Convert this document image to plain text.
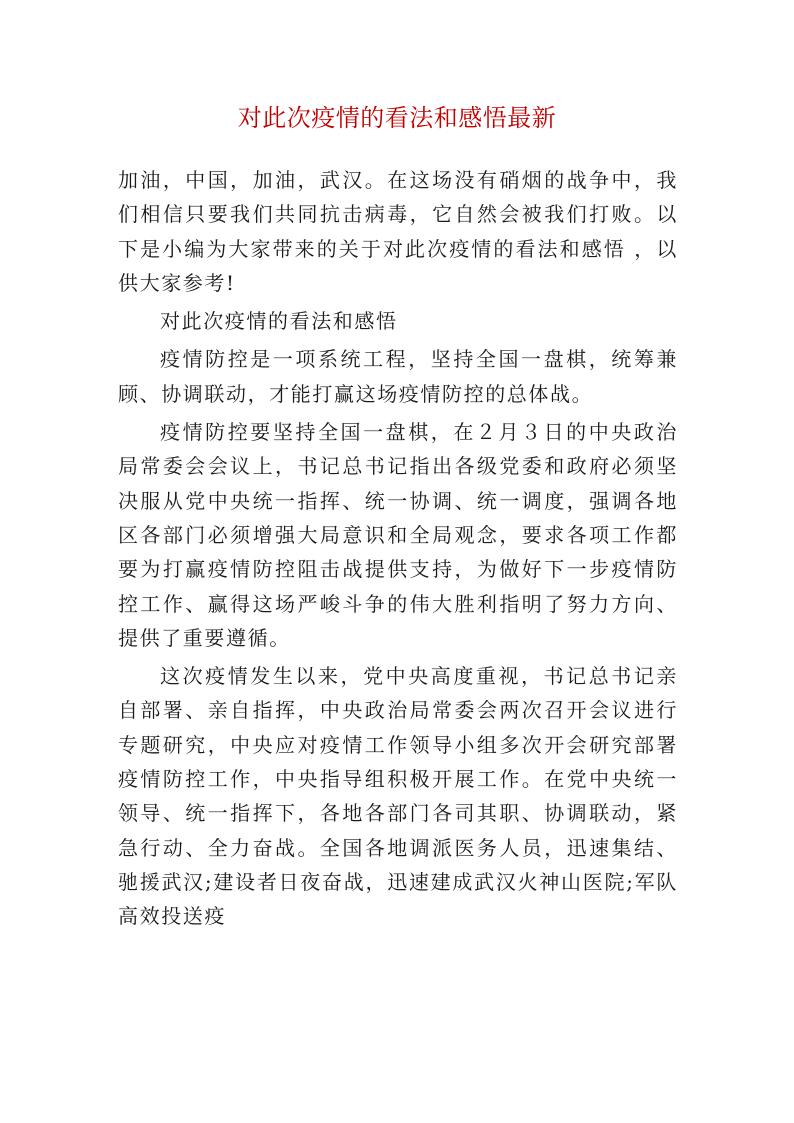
对此次疫情的看法和感悟最新

加油，中国，加油，武汉。在这场没有硝烟的战争中，我们相信只要我们共同抗击病毒，它自然会被我们打败。以下是小编为大家带来的关于对此次疫情的看法和感悟 ，以供大家参考!

对此次疫情的看法和感悟

疫情防控是一项系统工程，坚持全国一盘棋，统筹兼顾、协调联动，才能打赢这场疫情防控的总体战。

疫情防控要坚持全国一盘棋，在２月３日的中央政治局常委会会议上，书记总书记指出各级党委和政府必须坚决服从党中央统一指挥、统一协调、统一调度，强调各地区各部门必须增强大局意识和全局观念，要求各项工作都要为打赢疫情防控阻击战提供支持，为做好下一步疫情防控工作、赢得这场严峻斗争的伟大胜利指明了努力方向、提供了重要遵循。

这次疫情发生以来，党中央高度重视，书记总书记亲自部署、亲自指挥，中央政治局常委会两次召开会议进行专题研究，中央应对疫情工作领导小组多次开会研究部署疫情防控工作，中央指导组积极开展工作。在党中央统一领导、统一指挥下，各地各部门各司其职、协调联动，紧急行动、全力奋战。全国各地调派医务人员，迅速集结、驰援武汉;建设者日夜奋战，迅速建成武汉火神山医院;军队高效投送疫
